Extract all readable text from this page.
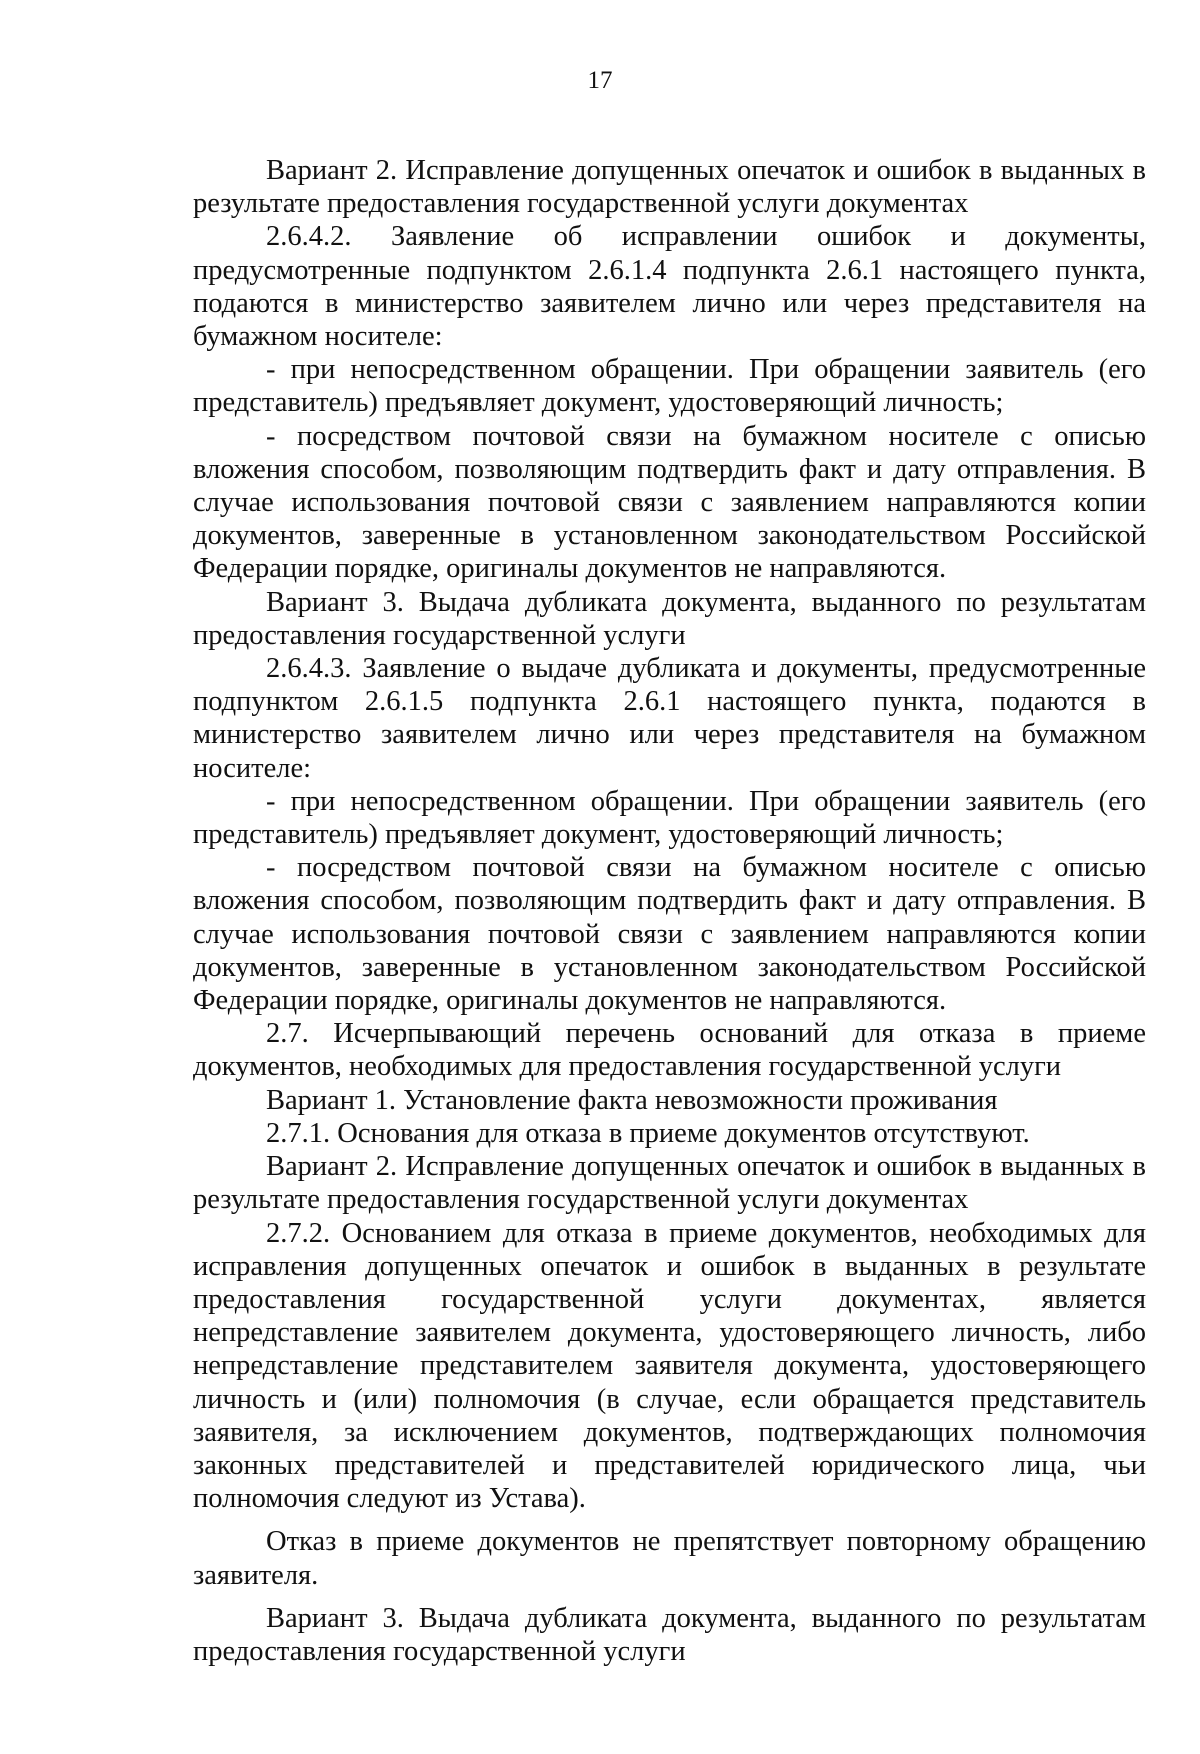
17

Вариант 2. Исправление допущенных опечаток и ошибок в выданных в результате предоставления государственной услуги документах

2.6.4.2. Заявление об исправлении ошибок и документы, предусмотренные подпунктом 2.6.1.4 подпункта 2.6.1 настоящего пункта, подаются в министерство заявителем лично или через представителя на бумажном носителе:

- при непосредственном обращении. При обращении заявитель (его представитель) предъявляет документ, удостоверяющий личность;

- посредством почтовой связи на бумажном носителе с описью вложения способом, позволяющим подтвердить факт и дату отправления. В случае использования почтовой связи с заявлением направляются копии документов, заверенные в установленном законодательством Российской Федерации порядке, оригиналы документов не направляются.

Вариант 3. Выдача дубликата документа, выданного по результатам предоставления государственной услуги

2.6.4.3. Заявление о выдаче дубликата и документы, предусмотренные подпунктом 2.6.1.5 подпункта 2.6.1 настоящего пункта, подаются в министерство заявителем лично или через представителя на бумажном носителе:

- при непосредственном обращении. При обращении заявитель (его представитель) предъявляет документ, удостоверяющий личность;

- посредством почтовой связи на бумажном носителе с описью вложения способом, позволяющим подтвердить факт и дату отправления. В случае использования почтовой связи с заявлением направляются копии документов, заверенные в установленном законодательством Российской Федерации порядке, оригиналы документов не направляются.

2.7. Исчерпывающий перечень оснований для отказа в приеме документов, необходимых для предоставления государственной услуги

Вариант 1. Установление факта невозможности проживания

2.7.1. Основания для отказа в приеме документов отсутствуют.

Вариант 2. Исправление допущенных опечаток и ошибок в выданных в результате предоставления государственной услуги документах

2.7.2. Основанием для отказа в приеме документов, необходимых для исправления допущенных опечаток и ошибок в выданных в результате предоставления государственной услуги документах, является непредставление заявителем документа, удостоверяющего личность, либо непредставление представителем заявителя документа, удостоверяющего личность и (или) полномочия (в случае, если обращается представитель заявителя, за исключением документов, подтверждающих полномочия законных представителей и представителей юридического лица, чьи полномочия следуют из Устава).

Отказ в приеме документов не препятствует повторному обращению заявителя.

Вариант 3. Выдача дубликата документа, выданного по результатам предоставления государственной услуги
